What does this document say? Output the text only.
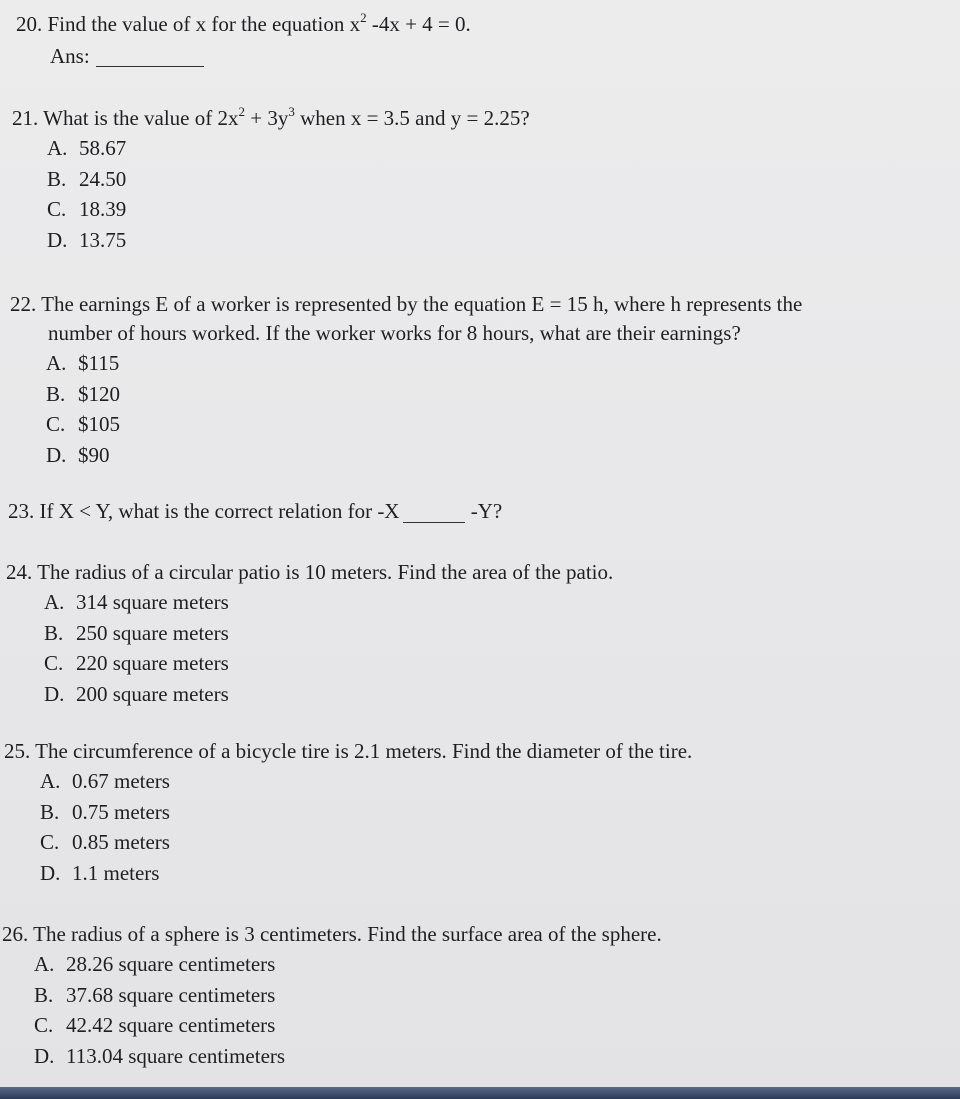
20. Find the value of x for the equation $x^2$ -4x + 4 = 0.
Ans:
21. What is the value of $2x^2 + 3y^3$ when x = 3.5 and y = 2.25?
A. 58.67
B. 24.50
C. 18.39
D. 13.75
22. The earnings E of a worker is represented by the equation E = 15 h, where h represents the
number of hours worked. If the worker works for 8 hours, what are their earnings?
A. $115
B. $120
C. $105
D. $90
23. If X < Y, what is the correct relation for -X	-Y?
24. The radius of a circular patio is 10 meters. Find the area of the patio.
A. 314 square meters
B. 250 square meters
C. 220 square meters
D. 200 square meters
25. The circumference of a bicycle tire is 2.1 meters. Find the diameter of the tire.
A. 0.67 meters
B. 0.75 meters
C. 0.85 meters
D. 1.1 meters
26. The radius of a sphere is 3 centimeters. Find the surface area of the sphere.
A. 28.26 square centimeters
B. 37.68 square centimeters
C. 42.42 square centimeters
D. 113.04 square centimeters
